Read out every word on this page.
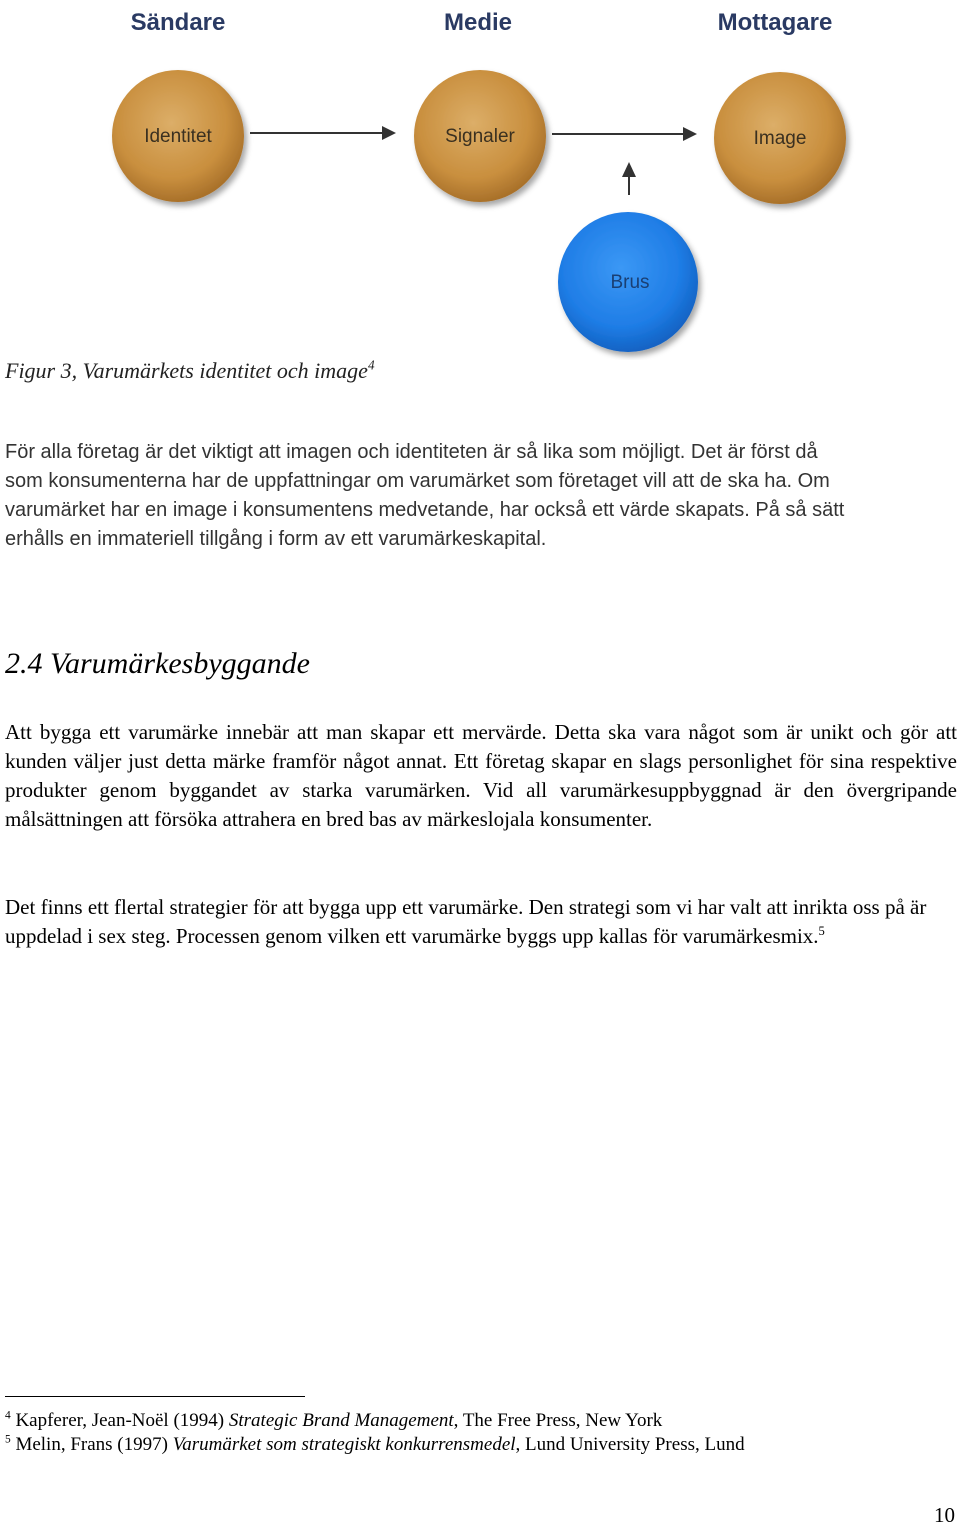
Sändare	Medie	Mottagare
Identitet	Signaler	Image
Brus
Figur 3, Varumärkets identitet och image$^4$
För alla företag är det viktigt att imagen och identiteten är så lika som möjligt. Det är först då
som konsumenterna har de uppfattningar om varumärket som företaget vill att de ska ha. Om
varumärket har en image i konsumentens medvetande, har också ett värde skapats. På så sätt
erhålls en immateriell tillgång i form av ett varumärkeskapital.
2.4 Varumärkesbyggande

Att bygga ett varumärke innebär att man skapar ett mervärde. Detta ska vara något som är unikt och gör att kunden väljer just detta märke framför något annat. Ett företag skapar en slags personlighet för sina respektive produkter genom byggandet av starka varumärken. Vid all varumärkesuppbyggnad är den övergripande målsättningen att försöka attrahera en bred bas av märkeslojala konsumenter.

Det finns ett flertal strategier för att bygga upp ett varumärke. Den strategi som vi har valt att inrikta oss på är uppdelad i sex steg. Processen genom vilken ett varumärke byggs upp kallas för varumärkesmix.$^5$
$^4$ Kapferer, Jean-Noël (1994) Strategic Brand Management, The Free Press, New York
$^5$ Melin, Frans (1997) Varumärket som strategiskt konkurrensmedel, Lund University Press, Lund
10
